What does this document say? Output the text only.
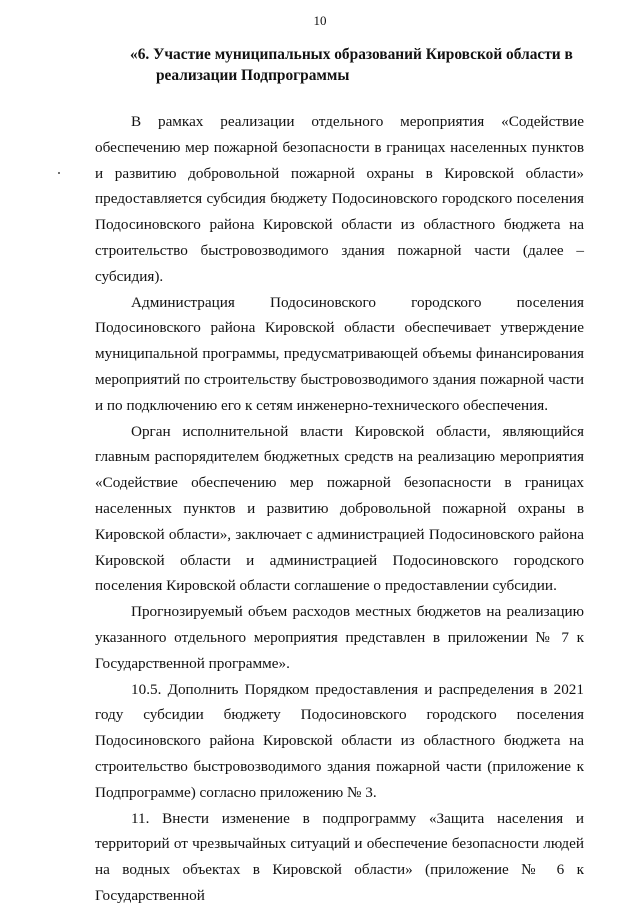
10
«6. Участие муниципальных образований Кировской области в
реализации Подпрограммы

В рамках реализации отдельного мероприятия «Содействие обеспечению мер пожарной безопасности в границах населенных пунктов и развитию добровольной пожарной охраны в Кировской области» предоставляется субсидия бюджету Подосиновского городского поселения Подосиновского района Кировской области из областного бюджета на строительство быстровозводимого здания пожарной части (далее – субсидия).

Администрация Подосиновского городского поселения Подосиновского района Кировской области обеспечивает утверждение муниципальной программы, предусматривающей объемы финансирования мероприятий по строительству быстровозводимого здания пожарной части и по подключению его к сетям инженерно-технического обеспечения.

Орган исполнительной власти Кировской области, являющийся главным распорядителем бюджетных средств на реализацию мероприятия «Содействие обеспечению мер пожарной безопасности в границах населенных пунктов и развитию добровольной пожарной охраны в Кировской области», заключает с администрацией Подосиновского района Кировской области и администрацией Подосиновского городского поселения Кировской области соглашение о предоставлении субсидии.

Прогнозируемый объем расходов местных бюджетов на реализацию указанного отдельного мероприятия представлен в приложении № 7 к Государственной программе».

10.5. Дополнить Порядком предоставления и распределения в 2021 году субсидии бюджету Подосиновского городского поселения Подосиновского района Кировской области из областного бюджета на строительство быстровозводимого здания пожарной части (приложение к Подпрограмме) согласно приложению № 3.

11. Внести изменение в подпрограмму «Защита населения и территорий от чрезвычайных ситуаций и обеспечение безопасности людей на водных объектах в Кировской области» (приложение № 6 к Государственной
